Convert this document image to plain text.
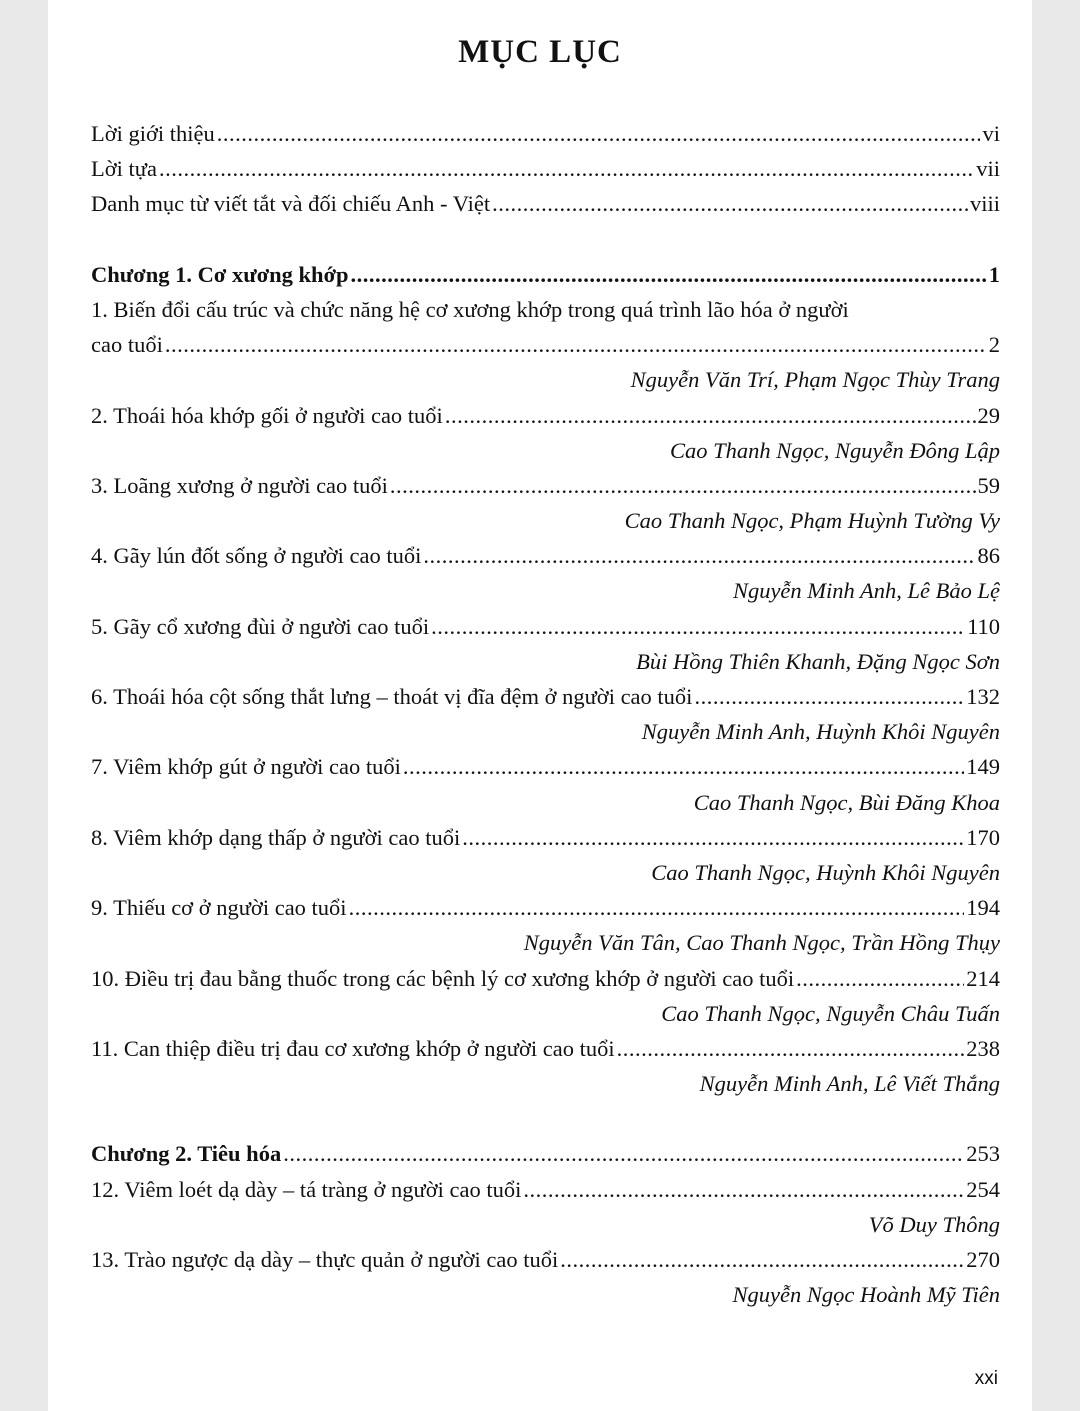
MỤC LỤC
Lời giới thiệu .....	vi
Lời tựa .....	vii
Danh mục từ viết tắt và đối chiếu Anh - Việt .....	viii
Chương 1. Cơ xương khớp .....	1
1. Biến đổi cấu trúc và chức năng hệ cơ xương khớp trong quá trình lão hóa ở người
cao tuổi .....	2
Nguyễn Văn Trí, Phạm Ngọc Thùy Trang
2. Thoái hóa khớp gối ở người cao tuổi .....	29
Cao Thanh Ngọc, Nguyễn Đông Lập
3. Loãng xương ở người cao tuổi .....	59
Cao Thanh Ngọc, Phạm Huỳnh Tường Vy
4. Gãy lún đốt sống ở người cao tuổi .....	86
Nguyễn Minh Anh, Lê Bảo Lệ
5. Gãy cổ xương đùi ở người cao tuổi .....	110
Bùi Hồng Thiên Khanh, Đặng Ngọc Sơn
6. Thoái hóa cột sống thắt lưng – thoát vị đĩa đệm ở người cao tuổi .....	132
Nguyễn Minh Anh, Huỳnh Khôi Nguyên
7. Viêm khớp gút ở người cao tuổi .....	149
Cao Thanh Ngọc, Bùi Đăng Khoa
8. Viêm khớp dạng thấp ở người cao tuổi .....	170
Cao Thanh Ngọc, Huỳnh Khôi Nguyên
9. Thiếu cơ ở người cao tuổi .....	194
Nguyễn Văn Tân, Cao Thanh Ngọc, Trần Hồng Thụy
10. Điều trị đau bằng thuốc trong các bệnh lý cơ xương khớp ở người cao tuổi .....	214
Cao Thanh Ngọc, Nguyễn Châu Tuấn
11. Can thiệp điều trị đau cơ xương khớp ở người cao tuổi .....	238
Nguyễn Minh Anh, Lê Viết Thắng
Chương 2. Tiêu hóa .....	253
12. Viêm loét dạ dày – tá tràng ở người cao tuổi .....	254
Võ Duy Thông
13. Trào ngược dạ dày – thực quản ở người cao tuổi .....	270
Nguyễn Ngọc Hoành Mỹ Tiên
xxi
